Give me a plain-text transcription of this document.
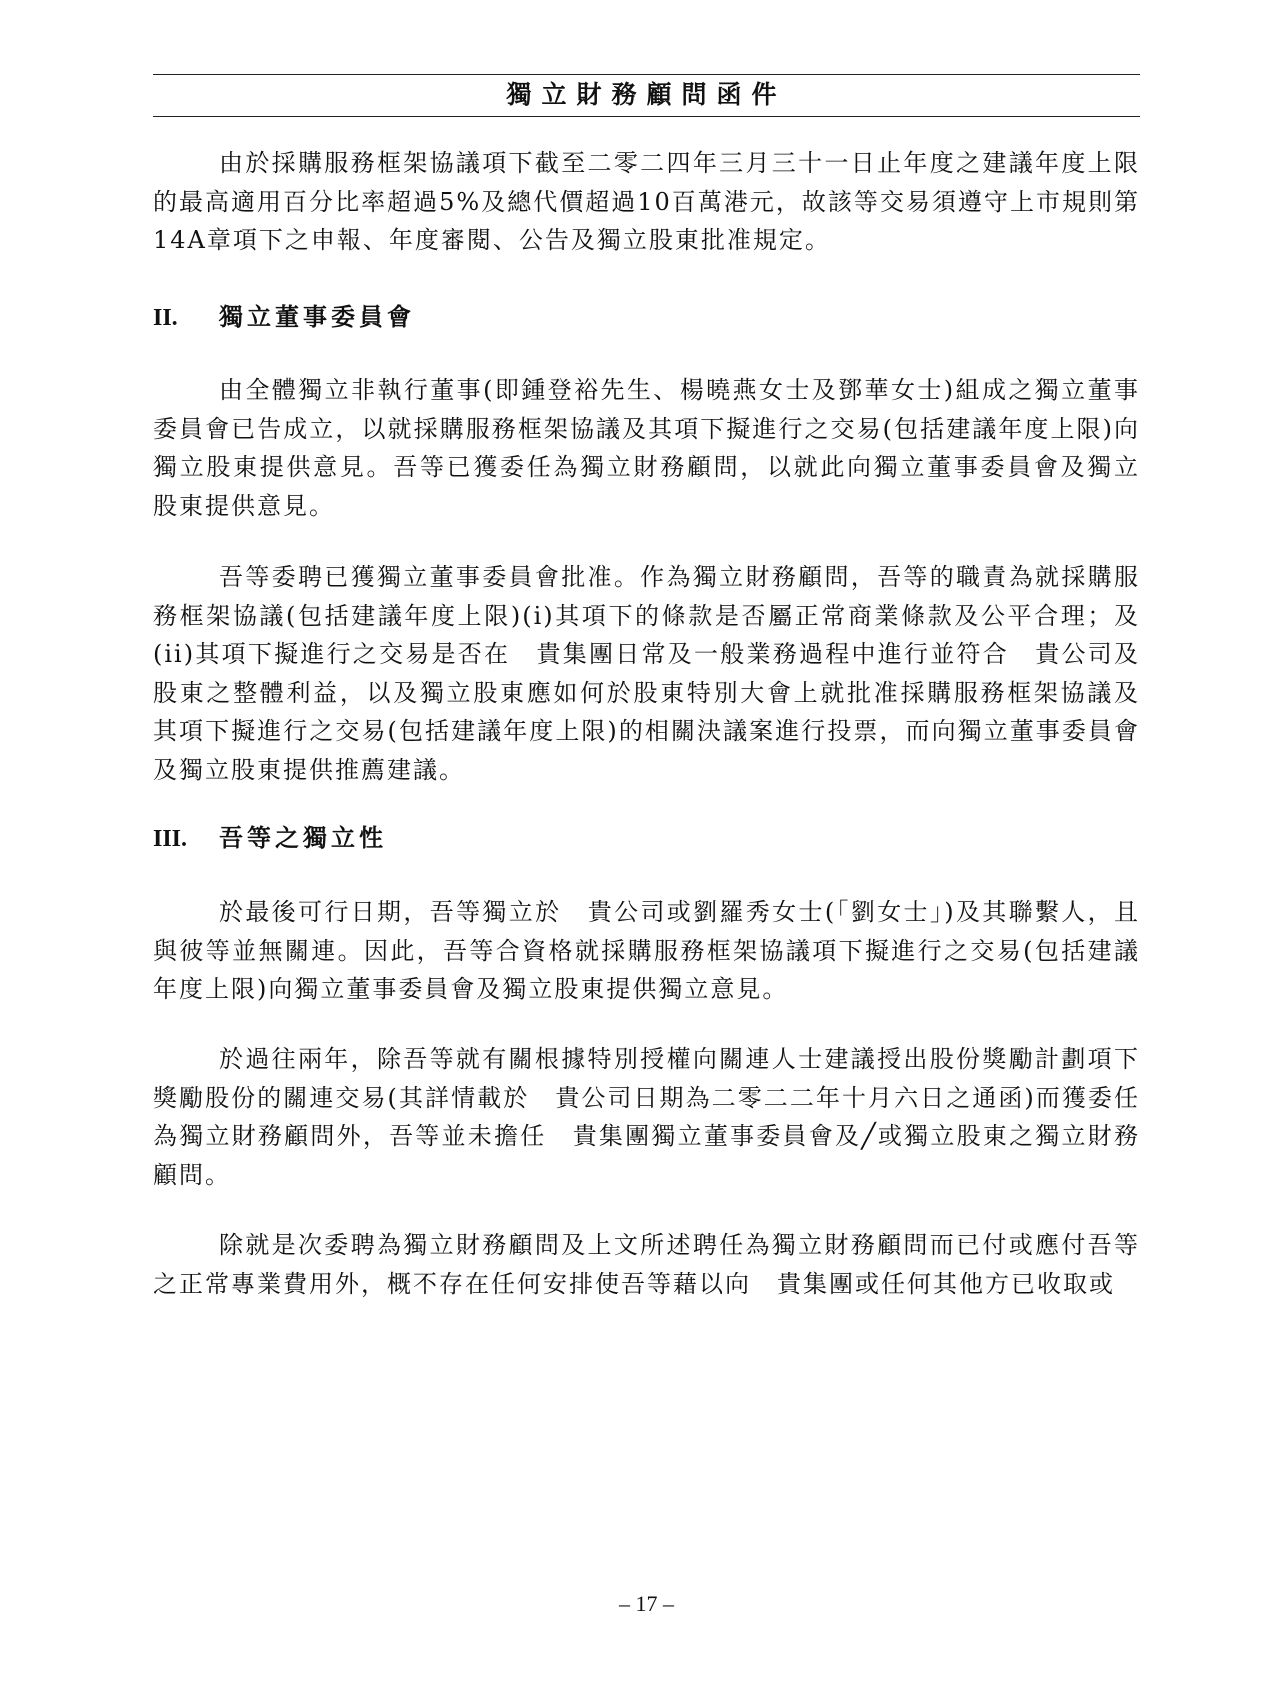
獨立財務顧問函件

由於採購服務框架協議項下截至二零二四年三月三十一日止年度之建議年度上限的最高適用百分比率超過5%及總代價超過10百萬港元，故該等交易須遵守上市規則第14A章項下之申報、年度審閱、公告及獨立股東批准規定。

II. 獨立董事委員會

由全體獨立非執行董事(即鍾登裕先生、楊曉燕女士及鄧華女士)組成之獨立董事委員會已告成立，以就採購服務框架協議及其項下擬進行之交易(包括建議年度上限)向獨立股東提供意見。吾等已獲委任為獨立財務顧問，以就此向獨立董事委員會及獨立股東提供意見。

吾等委聘已獲獨立董事委員會批准。作為獨立財務顧問，吾等的職責為就採購服務框架協議(包括建議年度上限)(i)其項下的條款是否屬正常商業條款及公平合理；及(ii)其項下擬進行之交易是否在　貴集團日常及一般業務過程中進行並符合　貴公司及股東之整體利益，以及獨立股東應如何於股東特別大會上就批准採購服務框架協議及其項下擬進行之交易(包括建議年度上限)的相關決議案進行投票，而向獨立董事委員會及獨立股東提供推薦建議。

III. 吾等之獨立性

於最後可行日期，吾等獨立於　貴公司或劉羅秀女士(「劉女士」)及其聯繫人，且與彼等並無關連。因此，吾等合資格就採購服務框架協議項下擬進行之交易(包括建議年度上限)向獨立董事委員會及獨立股東提供獨立意見。

於過往兩年，除吾等就有關根據特別授權向關連人士建議授出股份獎勵計劃項下獎勵股份的關連交易(其詳情載於　貴公司日期為二零二二年十月六日之通函)而獲委任為獨立財務顧問外，吾等並未擔任　貴集團獨立董事委員會及╱或獨立股東之獨立財務顧問。

除就是次委聘為獨立財務顧問及上文所述聘任為獨立財務顧問而已付或應付吾等之正常專業費用外，概不存在任何安排使吾等藉以向　貴集團或任何其他方已收取或

– 17 –
